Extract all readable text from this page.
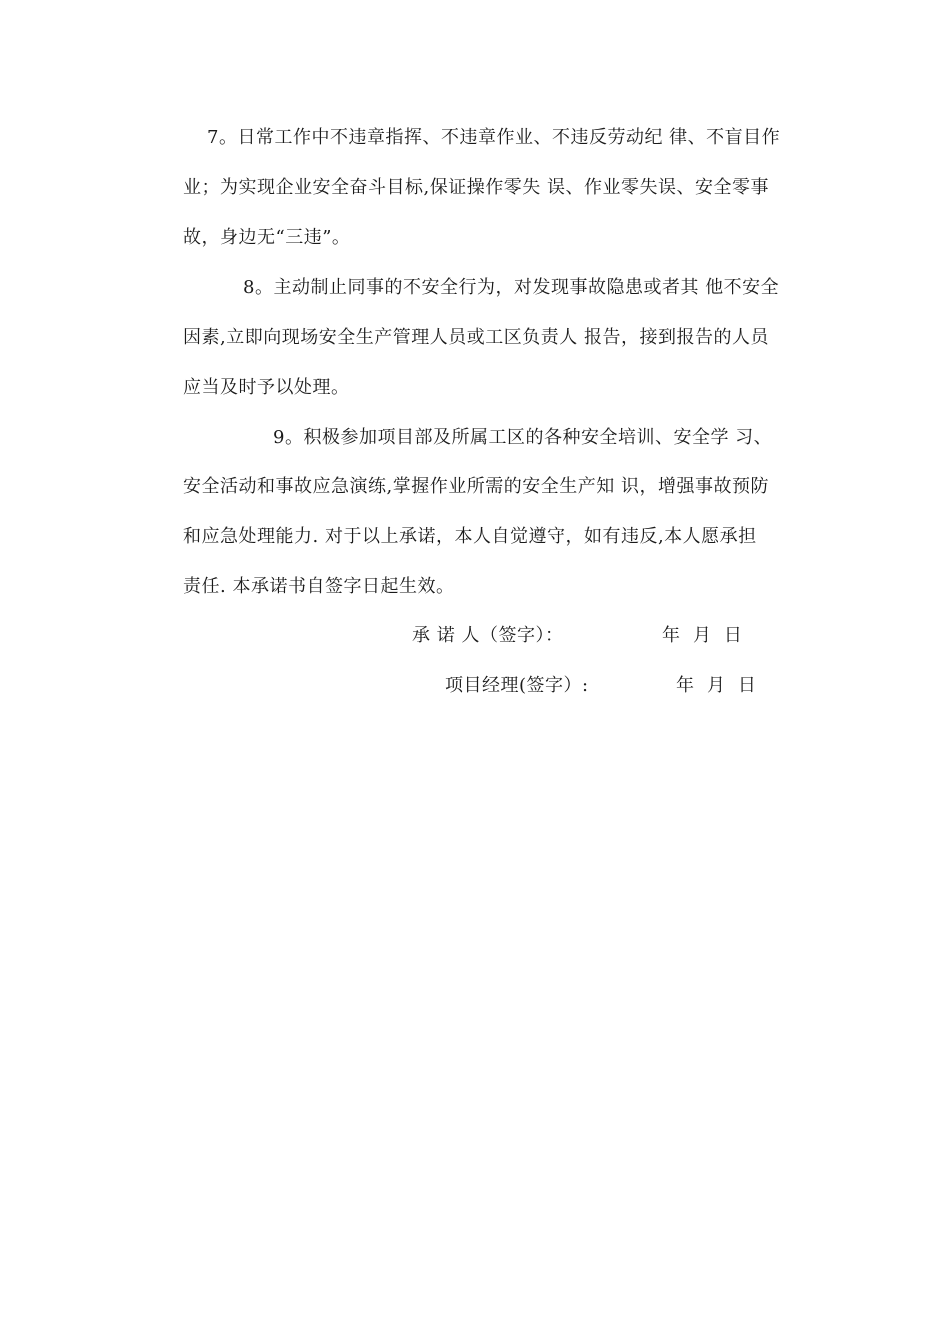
7。日常工作中不违章指挥、不违章作业、不违反劳动纪 律、不盲目作
业；为实现企业安全奋斗目标,保证操作零失 误、作业零失误、安全零事
故，身边无“三违”。
8。主动制止同事的不安全行为，对发现事故隐患或者其 他不安全
因素,立即向现场安全生产管理人员或工区负责人 报告，接到报告的人员
应当及时予以处理。
9。积极参加项目部及所属工区的各种安全培训、安全学 习、
安全活动和事故应急演练,掌握作业所需的安全生产知 识，增强事故预防
和应急处理能力. 对于以上承诺，本人自觉遵守，如有违反,本人愿承担
责任. 本承诺书自签字日起生效。
承 诺 人（签字）：	年  月  日
项目经理(签字）:	年  月  日
